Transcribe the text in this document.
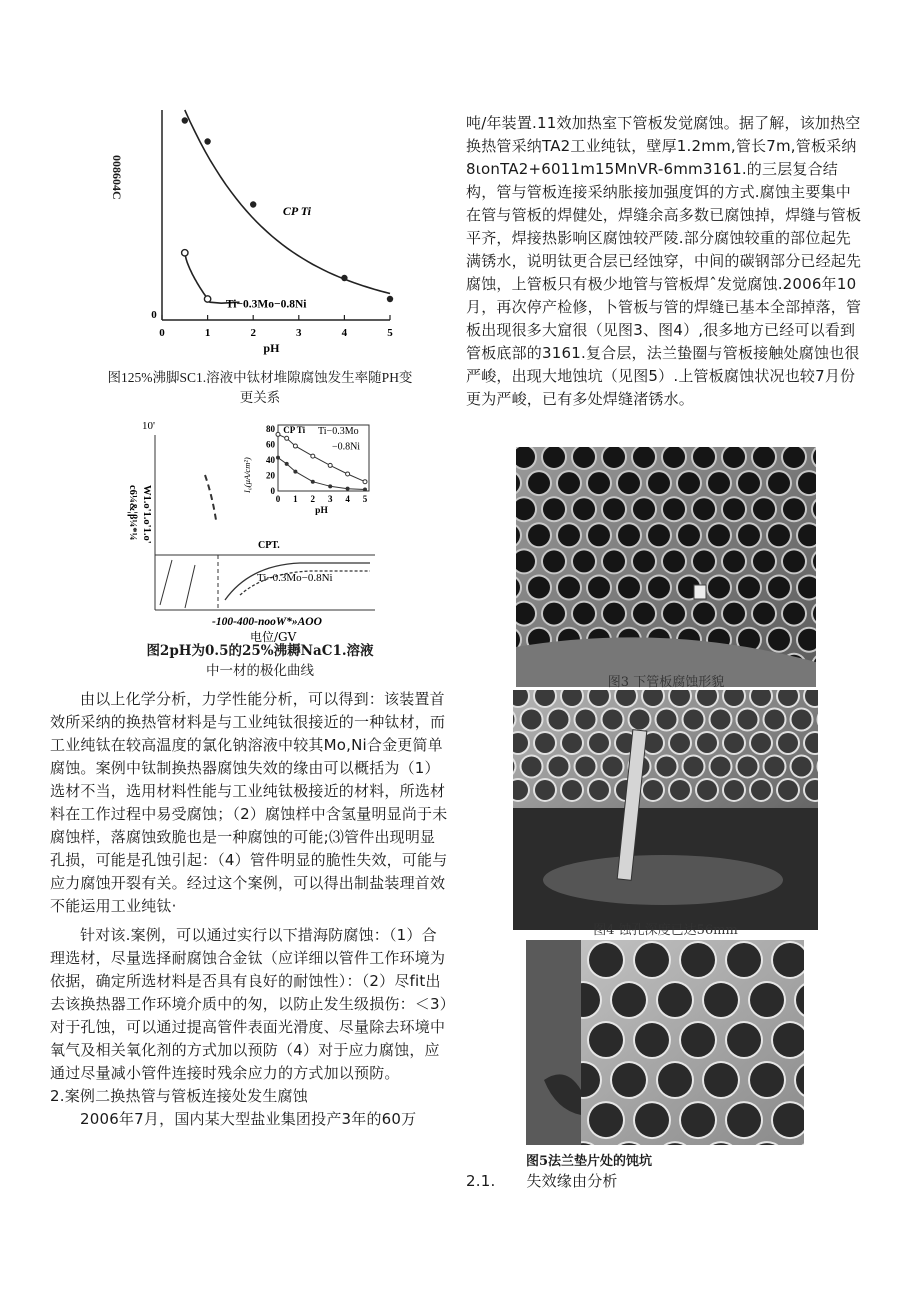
0	1	2	3	4	5
0
pH
CP Ti
Ti−0.3Mo−0.8Ni
008604C
图125%沸脚SC1.溶液中钛材堆隙腐蚀发生率随PH变
更关系
10'
W1.o'1.o'1.o'
c6¼&¦β¼*¼
CPT.
Ti−0.3Mo−0.8Ni
-100-400-nooW*»AOO
电位/GV
80
60
40
20
0
0 1 2 3 4 5
pH
I₀(μA/cm²)
CP Ti Ti−0.3Mo
−0.8Ni
图2pH为0.5的25%沸耨NaC1.溶液
中一材的极化曲线

由以上化学分析，力学性能分析，可以得到：该装置首效所采纳的换热管材料是与工业纯钛很接近的一种钛材，而工业纯钛在较高温度的氯化钠溶液中较其Mo,Ni合金更简单腐蚀。案例中钛制换热器腐蚀失效的缘由可以概括为（1）选材不当，选用材料性能与工业纯钛极接近的材料，所选材料在工作过程中易受腐蚀；（2）腐蚀样中含氢量明显尚于未腐蚀样，落腐蚀致脆也是一种腐蚀的可能;⑶管件出现明显孔损，可能是孔蚀引起：（4）管件明显的脆性失效，可能与应力腐蚀开裂有关。经过这个案例，可以得出制盐装理首效不能运用工业纯钛·

针对该.案例，可以通过实行以下措海防腐蚀：（1）合理选材，尽量选择耐腐蚀合金钛（应详细以管件工作环境为依据，确定所选材料是否具有良好的耐蚀性）：（2）尽fit出去该换热器工作环境介质中的匆，以防止发生级损伤：＜3）对于孔蚀，可以通过提高管件表面光滑度、尽量除去环境中氧气及相关氧化剂的方式加以预防（4）对于应力腐蚀，应通过尽量减小管件连接时残余应力的方式加以预防。

2.案例二换热管与管板连接处发生腐蚀

2006年7月，国内某大型盐业集团投产3年的60万

吨/年装置.11效加热室下管板发觉腐蚀。据了解，该加热空换热管采纳TA2工业纯钛，壁厚1.2mm,管长7m,管板采纳8ιοnTA2+6011m15MnVR-6mm3161.的三层复合结构，管与管板连接采纳胀接加强度饵的方式.腐蚀主要集中在管与管板的焊健处，焊缝余高多数已腐蚀掉，焊缝与管板平齐，焊接热影响区腐蚀较严陵.部分腐蚀较重的部位起先满锈水，说明钛更合层已经蚀穿，中间的碳钢部分已经起先腐蚀，上管板只有极少地管与管板焊ˆ发觉腐蚀.2006年10月，再次停产检修，卜管板与管的焊缝已基本全部掉落，管板出现很多大窟很（见图3、图4）,很多地方已经可以看到管板底部的3161.复合层，法兰蛰圈与管板接触处腐蚀也很严峻，出现大地蚀坑（见图5）.上管板腐蚀状况也较7月份更为严峻，已有多处焊缝渚锈水。

图3 下管板腐蚀形貌
图4 蚀孔深度已达56mm
图5法兰垫片处的饨坑
2.1. 失效缘由分析
